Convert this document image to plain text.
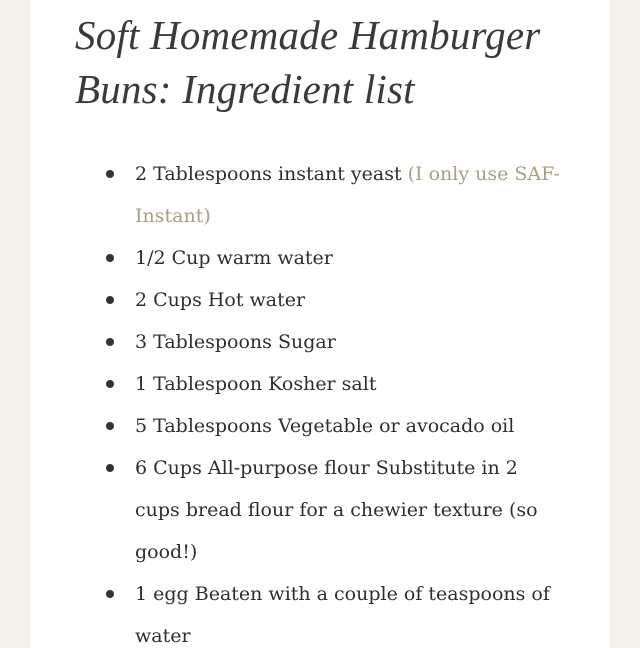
Soft Homemade Hamburger Buns: Ingredient list
2 Tablespoons instant yeast (I only use SAF-Instant)
1/2 Cup warm water
2 Cups Hot water
3 Tablespoons Sugar
1 Tablespoon Kosher salt
5 Tablespoons Vegetable or avocado oil
6 Cups All-purpose flour Substitute in 2 cups bread flour for a chewier texture (so good!)
1 egg Beaten with a couple of teaspoons of water
